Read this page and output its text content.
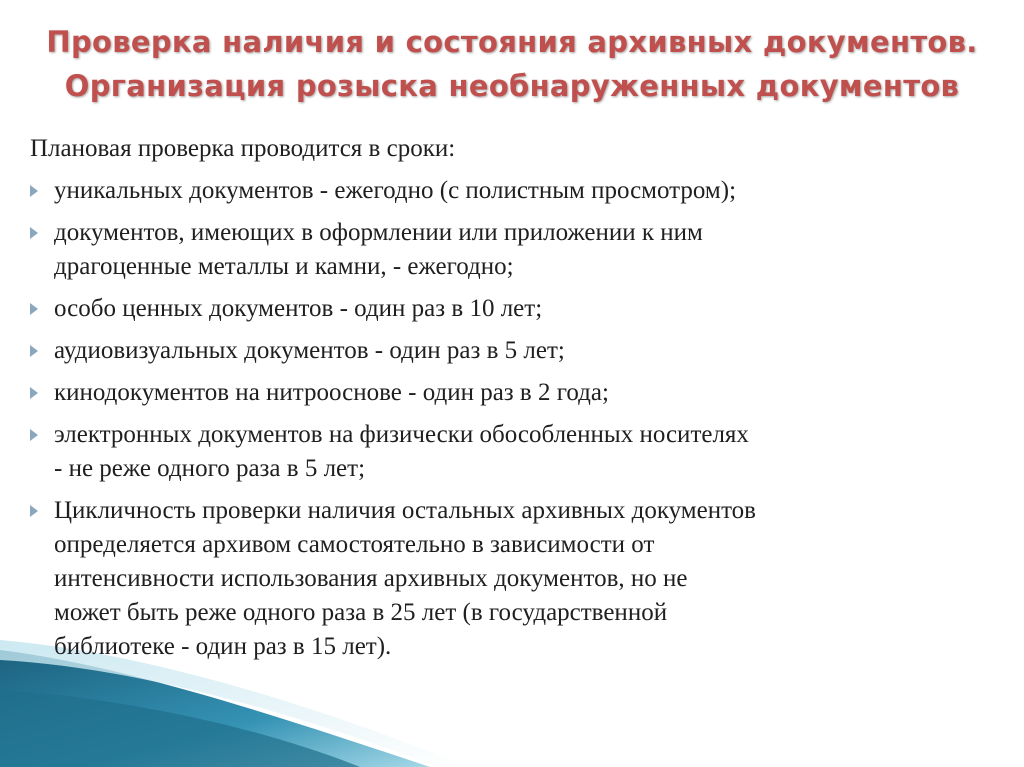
Проверка наличия и состояния архивных документов.
Организация розыска необнаруженных документов
Плановая проверка проводится в сроки:
уникальных документов - ежегодно (с полистным просмотром);
документов, имеющих в оформлении или приложении к ним
драгоценные металлы и камни, - ежегодно;
особо ценных документов - один раз в 10 лет;
аудиовизуальных документов - один раз в 5 лет;
кинодокументов на нитрооснове - один раз в 2 года;
электронных документов на физически обособленных носителях
- не реже одного раза в 5 лет;
Цикличность проверки наличия остальных архивных документов
определяется архивом самостоятельно в зависимости от
интенсивности использования архивных документов, но не
может быть реже одного раза в 25 лет (в государственной
библиотеке - один раз в 15 лет).
